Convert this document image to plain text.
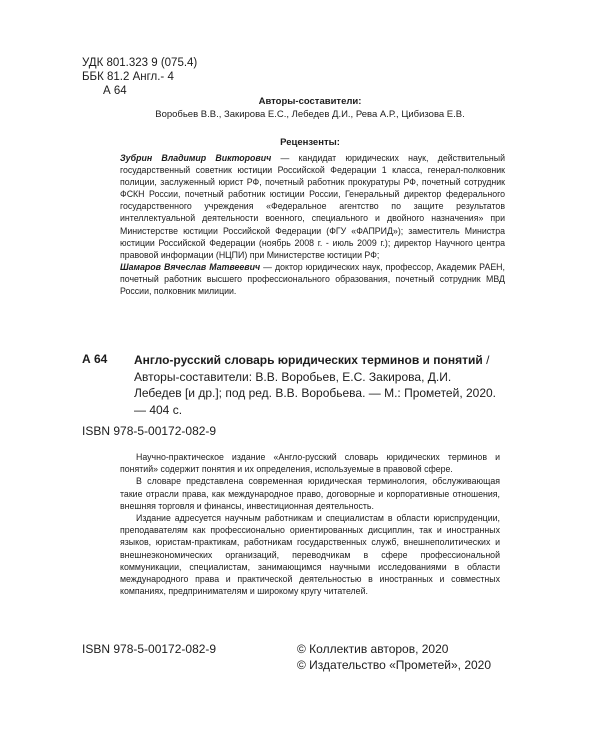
УДК 801.323 9 (075.4)
ББК 81.2 Англ.- 4
А 64
Авторы-составители:
Воробьев В.В., Закирова Е.С., Лебедев Д.И., Рева А.Р., Цибизова Е.В.
Рецензенты:

Зубрин Владимир Викторович — кандидат юридических наук, действительный государственный советник юстиции Российской Федерации 1 класса, генерал-полковник полиции, заслуженный юрист РФ, почетный работник прокуратуры РФ, почетный сотрудник ФСКН России, почетный работник юстиции России, Генеральный директор федерального государственного учреждения «Федеральное агентство по защите результатов интеллектуальной деятельности военного, специального и двойного назначения» при Министерстве юстиции Российской Федерации (ФГУ «ФАПРИД»); заместитель Министра юстиции Российской Федерации (ноябрь 2008 г. - июль 2009 г.); директор Научного центра правовой информации (НЦПИ) при Министерстве юстиции РФ;

Шамаров Вячеслав Матвеевич — доктор юридических наук, профессор, Академик РАЕН, почетный работник высшего профессионального образования, почетный сотрудник МВД России, полковник милиции.

А 64 Англо-русский словарь юридических терминов и понятий / Авторы-составители: В.В. Воробьев, Е.С. Закирова, Д.И. Лебедев [и др.]; под ред. В.В. Воробьева. — М.: Прометей, 2020. — 404 с.

ISBN 978-5-00172-082-9

Научно-практическое издание «Англо-русский словарь юридических терминов и понятий» содержит понятия и их определения, используемые в правовой сфере.

В словаре представлена современная юридическая терминология, обслуживающая такие отрасли права, как международное право, договорные и корпоративные отношения, внешняя торговля и финансы, инвестиционная деятельность.

Издание адресуется научным работникам и специалистам в области юриспруденции, преподавателям как профессионально ориентированных дисциплин, так и иностранных языков, юристам-практикам, работникам государственных служб, внешнеполитических и внешнеэкономических организаций, переводчикам в сфере профессиональной коммуникации, специалистам, занимающимся научными исследованиями в области международного права и практической деятельностью в иностранных и совместных компаниях, предпринимателям и широкому кругу читателей.

ISBN 978-5-00172-082-9	© Коллектив авторов, 2020
© Издательство «Прометей», 2020
